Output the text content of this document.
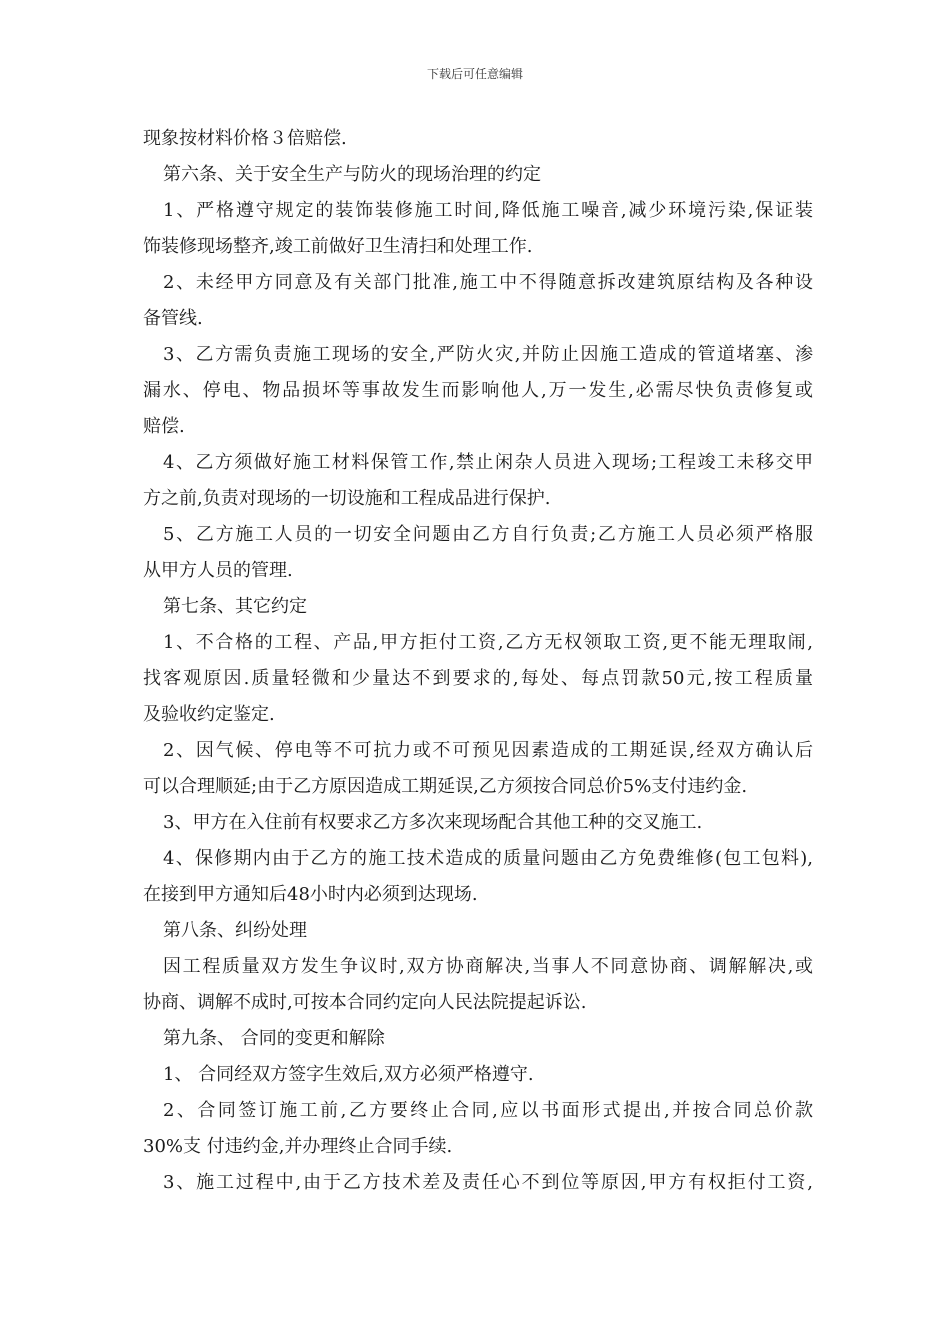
下载后可任意编辑
现象按材料价格３倍赔偿.
第六条、关于安全生产与防火的现场治理的约定
1、严格遵守规定的装饰装修施工时间,降低施工噪音,减少环境污染,保证装
饰装修现场整齐,竣工前做好卫生清扫和处理工作.
2、未经甲方同意及有关部门批准,施工中不得随意拆改建筑原结构及各种设
备管线.
3、乙方需负责施工现场的安全,严防火灾,并防止因施工造成的管道堵塞、渗
漏水、停电、物品损坏等事故发生而影响他人,万一发生,必需尽快负责修复或
赔偿.
4、乙方须做好施工材料保管工作,禁止闲杂人员进入现场;工程竣工未移交甲
方之前,负责对现场的一切设施和工程成品进行保护.
5、乙方施工人员的一切安全问题由乙方自行负责;乙方施工人员必须严格服
从甲方人员的管理.
第七条、其它约定
1、不合格的工程、产品,甲方拒付工资,乙方无权领取工资,更不能无理取闹,
找客观原因.质量轻微和少量达不到要求的,每处、每点罚款50元,按工程质量
及验收约定鉴定.
2、因气候、停电等不可抗力或不可预见因素造成的工期延误,经双方确认后
可以合理顺延;由于乙方原因造成工期延误,乙方须按合同总价5%支付违约金.
3、甲方在入住前有权要求乙方多次来现场配合其他工种的交叉施工.
4、保修期内由于乙方的施工技术造成的质量问题由乙方免费维修(包工包料),
在接到甲方通知后48小时内必须到达现场.
第八条、纠纷处理
因工程质量双方发生争议时,双方协商解决,当事人不同意协商、调解解决,或
协商、调解不成时,可按本合同约定向人民法院提起诉讼.
第九条、 合同的变更和解除
1、 合同经双方签字生效后,双方必须严格遵守.
2、合同签订施工前,乙方要终止合同,应以书面形式提出,并按合同总价款
30%支 付违约金,并办理终止合同手续.
3、施工过程中,由于乙方技术差及责任心不到位等原因,甲方有权拒付工资,
